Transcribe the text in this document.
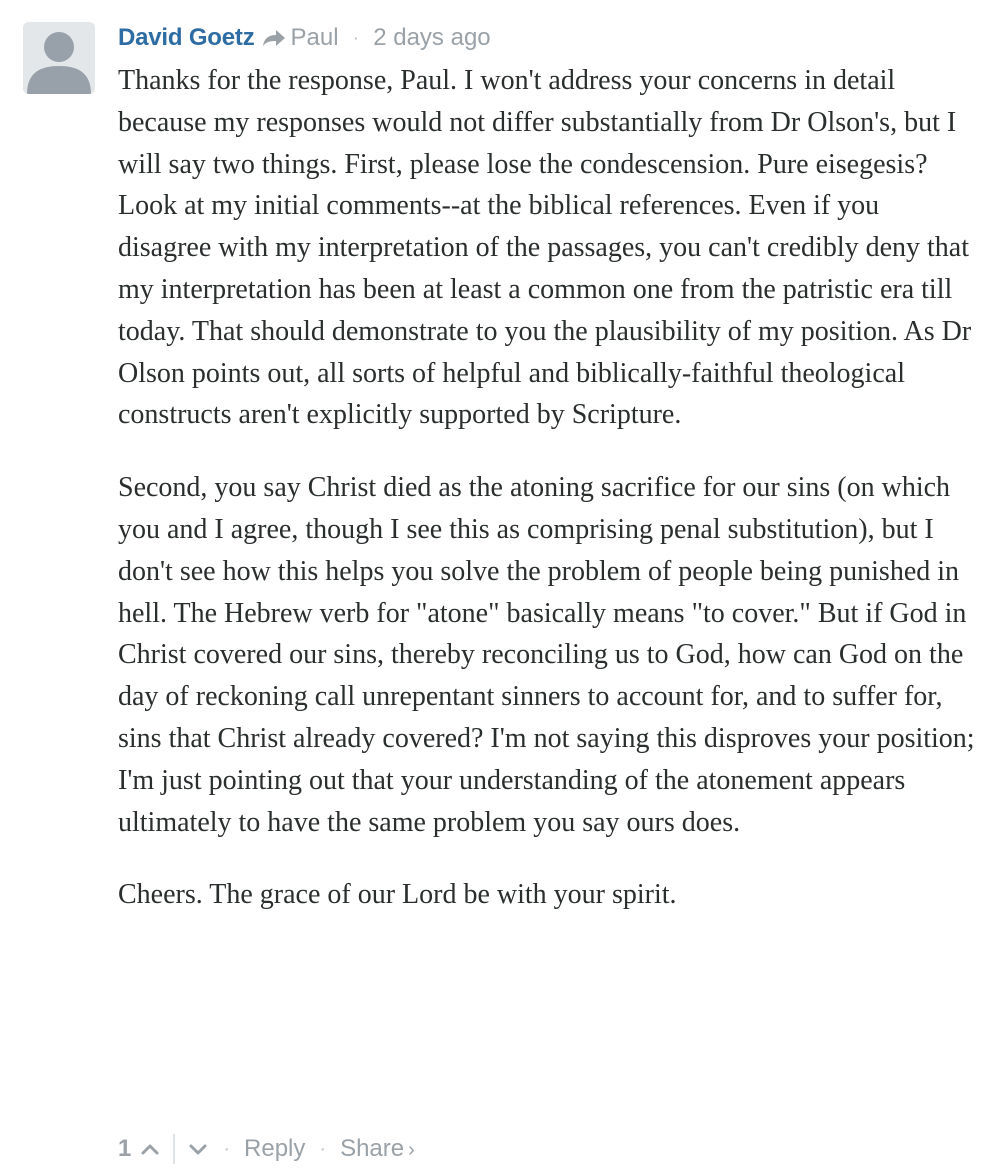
David Goetz Paul · 2 days ago

Thanks for the response, Paul. I won't address your concerns in detail because my responses would not differ substantially from Dr Olson's, but I will say two things. First, please lose the condescension. Pure eisegesis? Look at my initial comments--at the biblical references. Even if you disagree with my interpretation of the passages, you can't credibly deny that my interpretation has been at least a common one from the patristic era till today. That should demonstrate to you the plausibility of my position. As Dr Olson points out, all sorts of helpful and biblically-faithful theological constructs aren't explicitly supported by Scripture.

Second, you say Christ died as the atoning sacrifice for our sins (on which you and I agree, though I see this as comprising penal substitution), but I don't see how this helps you solve the problem of people being punished in hell. The Hebrew verb for "atone" basically means "to cover." But if God in Christ covered our sins, thereby reconciling us to God, how can God on the day of reckoning call unrepentant sinners to account for, and to suffer for, sins that Christ already covered? I'm not saying this disproves your position; I'm just pointing out that your understanding of the atonement appears ultimately to have the same problem you say ours does.

Cheers. The grace of our Lord be with your spirit.

1	· Reply · Share ›
